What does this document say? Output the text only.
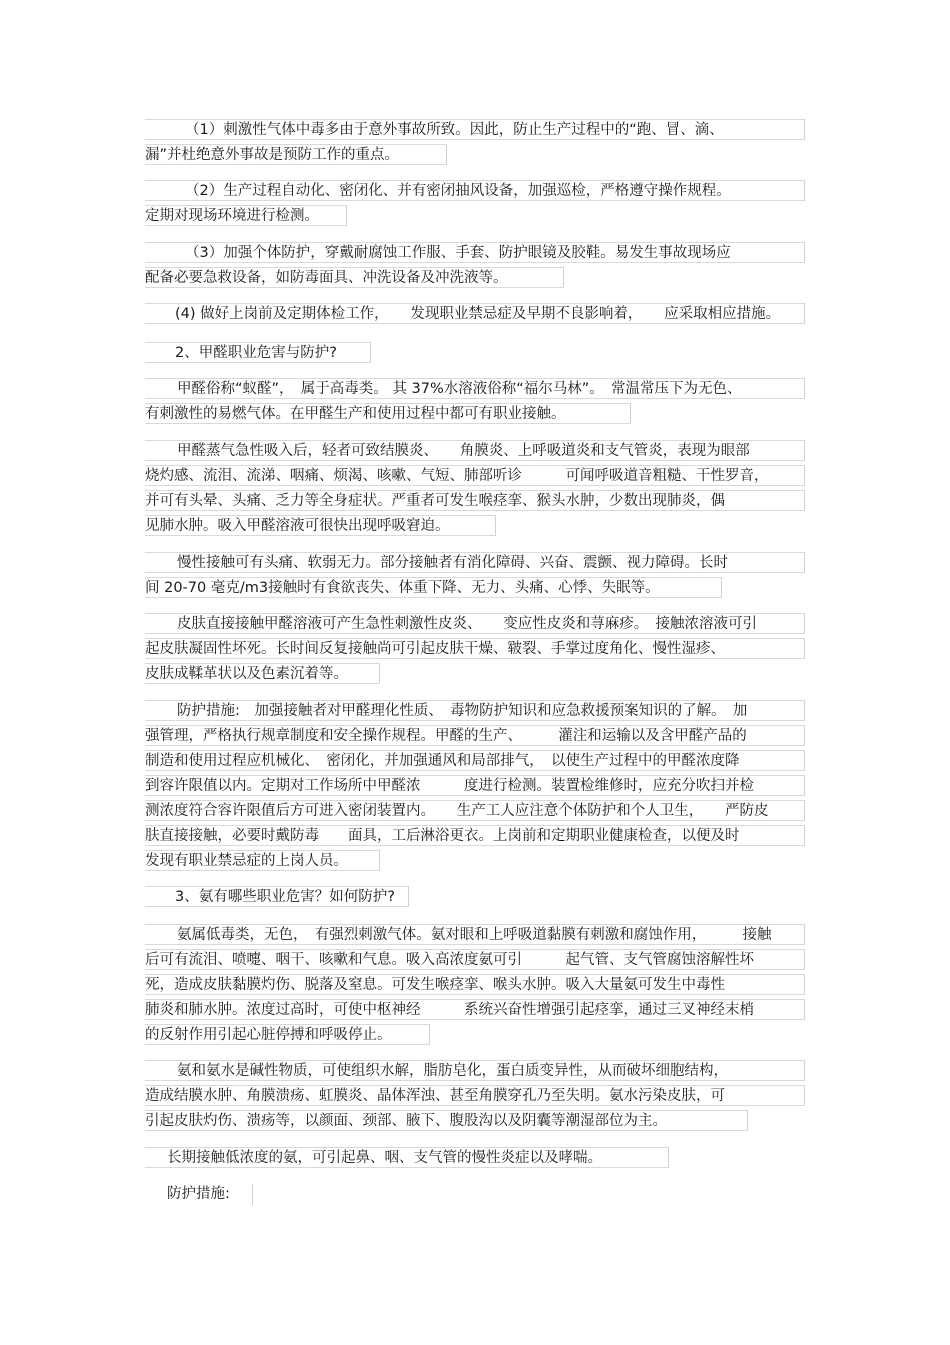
（1）刺激性气体中毒多由于意外事故所致。因此，防止生产过程中的“跑、冒、滴、
漏”并杜绝意外事故是预防工作的重点。
（2）生产过程自动化、密闭化、并有密闭抽风设备，加强巡检，严格遵守操作规程。
定期对现场环境进行检测。
（3）加强个体防护，穿戴耐腐蚀工作服、手套、防护眼镜及胶鞋。易发生事故现场应
配备必要急救设备，如防毒面具、冲洗设备及冲洗液等。
(4) 做好上岗前及定期体检工作，　　发现职业禁忌症及早期不良影响着，　　应采取相应措施。
2、甲醛职业危害与防护?
甲醛俗称“蚁醛”，　属于高毒类。 其 37%水溶液俗称“福尔马林”。　常温常压下为无色、
有刺激性的易燃气体。在甲醛生产和使用过程中都可有职业接触。
甲醛蒸气急性吸入后，轻者可致结膜炎、　　角膜炎、上呼吸道炎和支气管炎，表现为眼部
烧灼感、流泪、流涕、咽痛、烦渴、咳嗽、气短、肺部听诊　　　可闻呼吸道音粗糙、干性罗音，
并可有头晕、头痛、乏力等全身症状。严重者可发生喉痉挛、猴头水肿，少数出现肺炎，偶
见肺水肿。吸入甲醛溶液可很快出现呼吸窘迫。
慢性接触可有头痛、软弱无力。部分接触者有消化障碍、兴奋、震颤、视力障碍。长时
间 20-70 毫克/m3接触时有食欲丧失、体重下降、无力、头痛、心悸、失眠等。
皮肤直接接触甲醛溶液可产生急性刺激性皮炎、　　变应性皮炎和荨麻疹。　接触浓溶液可引
起皮肤凝固性坏死。长时间反复接触尚可引起皮肤干燥、皲裂、手掌过度角化、慢性湿疹、
皮肤成鞣革状以及色素沉着等。
防护措施:　加强接触者对甲醛理化性质、　毒物防护知识和应急救援预案知识的了解。　加
强管理，严格执行规章制度和安全操作规程。甲醛的生产、　　　灌注和运输以及含甲醛产品的
制造和使用过程应机械化、　密闭化，并加强通风和局部排气，　以使生产过程中的甲醛浓度降
到容许限值以内。定期对工作场所中甲醛浓　　　度进行检测。装置检维修时，应充分吹扫并检
测浓度符合容许限值后方可进入密闭装置内。　　生产工人应注意个体防护和个人卫生，　　严防皮
肤直接接触，必要时戴防毒　　面具，工后淋浴更衣。上岗前和定期职业健康检查，以便及时
发现有职业禁忌症的上岗人员。
3、氨有哪些职业危害？如何防护?
氨属低毒类，无色，　有强烈刺激气体。氨对眼和上呼吸道黏膜有刺激和腐蚀作用，　　　接触
后可有流泪、喷嚏、咽干、咳嗽和气息。吸入高浓度氨可引　　　起气管、支气管腐蚀溶解性坏
死，造成皮肤黏膜灼伤、脱落及窒息。可发生喉痉挛、喉头水肿。吸入大量氨可发生中毒性
肺炎和肺水肿。浓度过高时，可使中枢神经　　　系统兴奋性增强引起痉挛，通过三叉神经末梢
的反射作用引起心脏停搏和呼吸停止。
氨和氨水是碱性物质，可使组织水解，脂肪皂化，蛋白质变异性，从而破坏细胞结构，
造成结膜水肿、角膜溃疡、虹膜炎、晶体浑浊、甚至角膜穿孔乃至失明。氨水污染皮肤，可
引起皮肤灼伤、溃疡等，以颜面、颈部、腋下、腹股沟以及阴囊等潮湿部位为主。
长期接触低浓度的氨，可引起鼻、咽、支气管的慢性炎症以及哮喘。
防护措施:
